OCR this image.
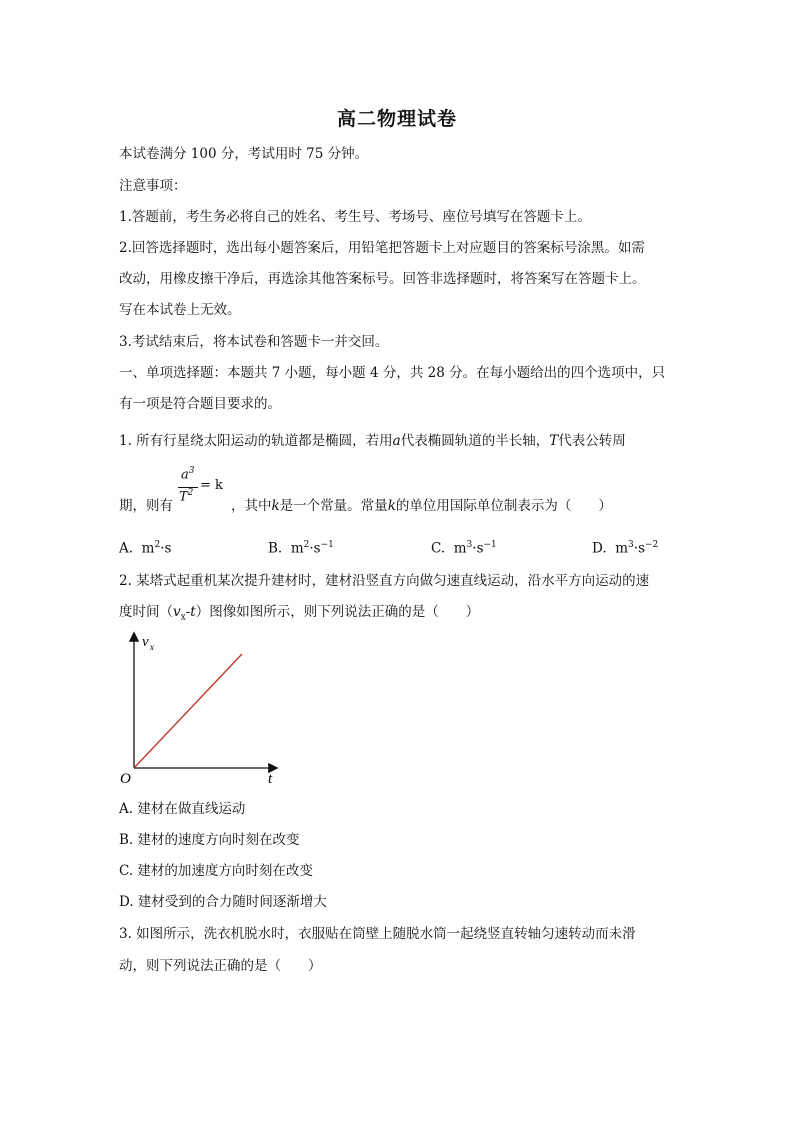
高二物理试卷
本试卷满分 100 分，考试用时 75 分钟。
注意事项：
1.答题前，考生务必将自己的姓名、考生号、考场号、座位号填写在答题卡上。
2.回答选择题时，选出每小题答案后，用铅笔把答题卡上对应题目的答案标号涂黑。如需
改动，用橡皮擦干净后，再选涂其他答案标号。回答非选择题时，将答案写在答题卡上。
写在本试卷上无效。
3.考试结束后，将本试卷和答题卡一并交回。
一、单项选择题：本题共 7 小题，每小题 4 分，共 28 分。在每小题给出的四个选项中，只
有一项是符合题目要求的。
1. 所有行星绕太阳运动的轨道都是椭圆，若用a代表椭圆轨道的半长轴，T代表公转周
期，则有	，其中k是一个常量。常量k的单位用国际单位制表示为（　　）
$a^3$
$T^2 = k$
A. $m^2\cdot s$	B. $m^2\cdot s^{-1}$	C. $m^3\cdot s^{-1}$	D. $m^3\cdot s^{-2}$
2. 某塔式起重机某次提升建材时，建材沿竖直方向做匀速直线运动，沿水平方向运动的速
度时间$(v_x-t)$图像如图所示，则下列说法正确的是（　　）
v x
O	t
A. 建材在做直线运动
B. 建材的速度方向时刻在改变
C. 建材的加速度方向时刻在改变
D. 建材受到的合力随时间逐渐增大
3. 如图所示，洗衣机脱水时，衣服贴在筒壁上随脱水筒一起绕竖直转轴匀速转动而未滑
动，则下列说法正确的是（　　）
